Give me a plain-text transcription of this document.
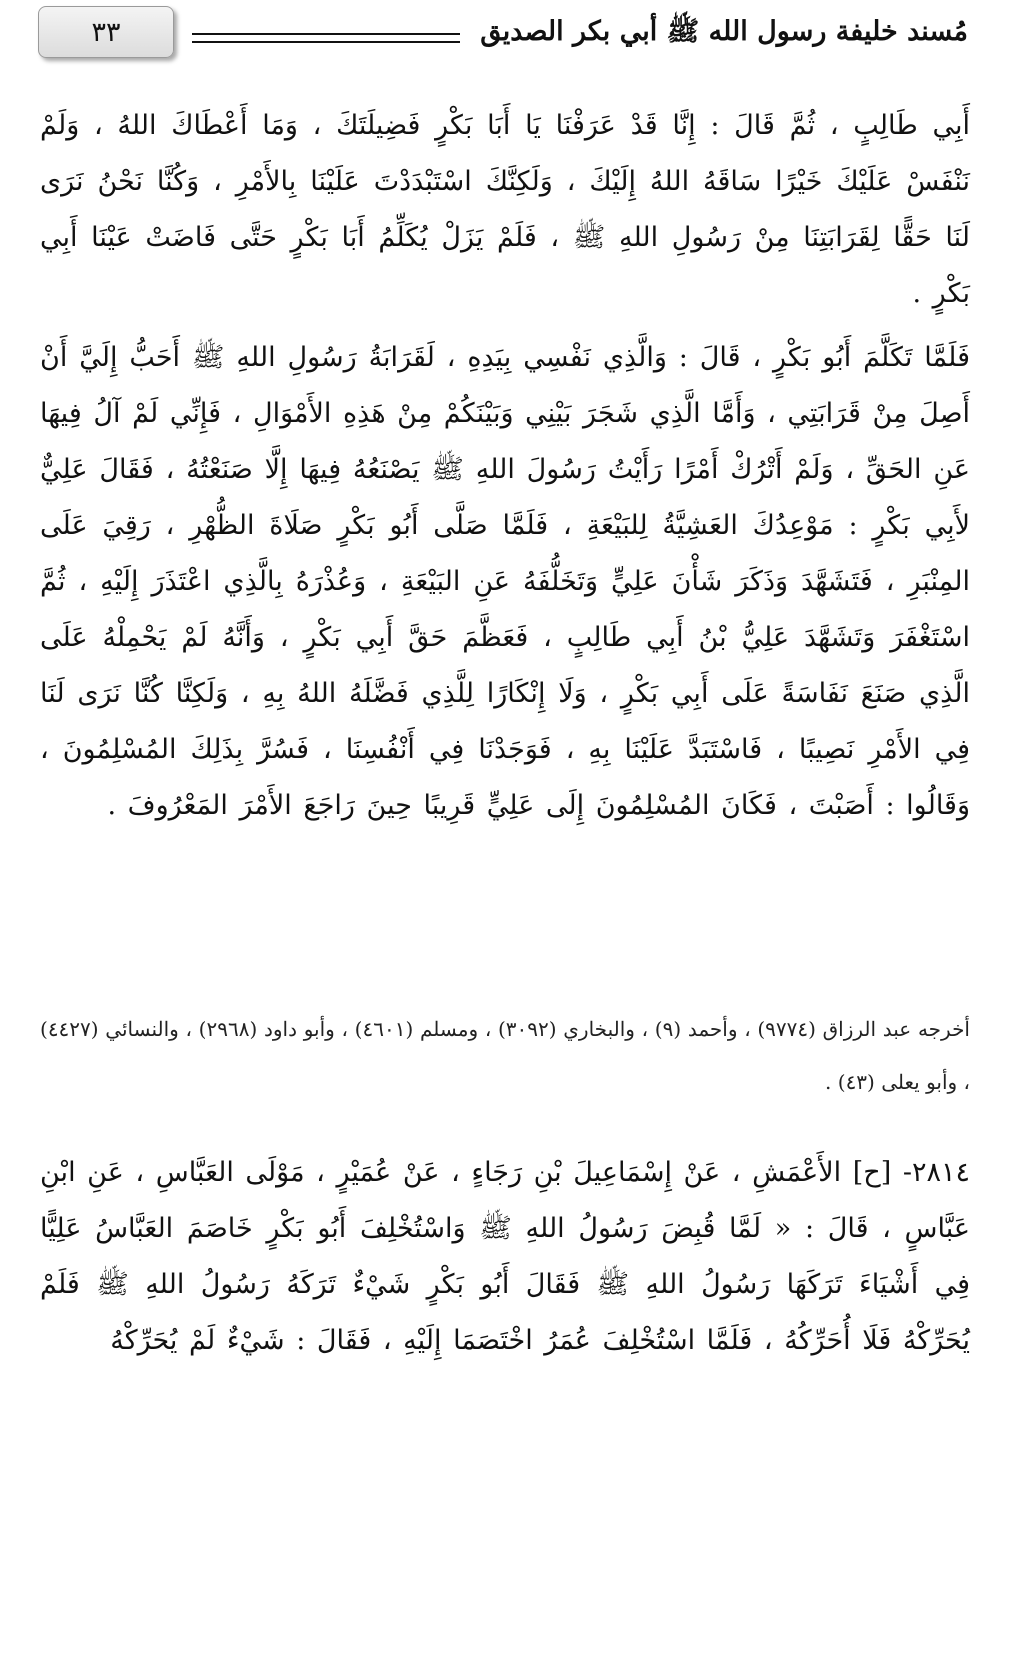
٣٣	مُسند خليفة رسول الله ﷺ أبي بكر الصديق

أَبِي طَالِبٍ ، ثُمَّ قَالَ : إِنَّا قَدْ عَرَفْنَا يَا أَبَا بَكْرٍ فَضِيلَتَكَ ، وَمَا أَعْطَاكَ اللهُ ، وَلَمْ نَنْفَسْ عَلَيْكَ خَيْرًا سَاقَهُ اللهُ إِلَيْكَ ، وَلَكِنَّكَ اسْتَبْدَدْتَ عَلَيْنَا بِالأَمْرِ ، وَكُنَّا نَحْنُ نَرَى لَنَا حَقًّا لِقَرَابَتِنَا مِنْ رَسُولِ اللهِ ﷺ ، فَلَمْ يَزَلْ يُكَلِّمُ أَبَا بَكْرٍ حَتَّى فَاضَتْ عَيْنَا أَبِي بَكْرٍ .

فَلَمَّا تَكَلَّمَ أَبُو بَكْرٍ ، قَالَ : وَالَّذِي نَفْسِي بِيَدِهِ ، لَقَرَابَةُ رَسُولِ اللهِ ﷺ أَحَبُّ إِلَيَّ أَنْ أَصِلَ مِنْ قَرَابَتِي ، وَأَمَّا الَّذِي شَجَرَ بَيْنِي وَبَيْنَكُمْ مِنْ هَذِهِ الأَمْوَالِ ، فَإِنِّي لَمْ آلُ فِيهَا عَنِ الحَقِّ ، وَلَمْ أَتْرُكْ أَمْرًا رَأَيْتُ رَسُولَ اللهِ ﷺ يَصْنَعُهُ فِيهَا إِلَّا صَنَعْتُهُ ، فَقَالَ عَلِيٌّ لأَبِي بَكْرٍ : مَوْعِدُكَ العَشِيَّةُ لِلبَيْعَةِ ، فَلَمَّا صَلَّى أَبُو بَكْرٍ صَلَاةَ الظُّهْرِ ، رَقِيَ عَلَى المِنْبَرِ ، فَتَشَهَّدَ وَذَكَرَ شَأْنَ عَلِيٍّ وَتَخَلُّفَهُ عَنِ البَيْعَةِ ، وَعُذْرَهُ بِالَّذِي اعْتَذَرَ إِلَيْهِ ، ثُمَّ اسْتَغْفَرَ وَتَشَهَّدَ عَلِيُّ بْنُ أَبِي طَالِبٍ ، فَعَظَّمَ حَقَّ أَبِي بَكْرٍ ، وَأَنَّهُ لَمْ يَحْمِلْهُ عَلَى الَّذِي صَنَعَ نَفَاسَةً عَلَى أَبِي بَكْرٍ ، وَلَا إِنْكَارًا لِلَّذِي فَضَّلَهُ اللهُ بِهِ ، وَلَكِنَّا كُنَّا نَرَى لَنَا فِي الأَمْرِ نَصِيبًا ، فَاسْتَبَدَّ عَلَيْنَا بِهِ ، فَوَجَدْنَا فِي أَنْفُسِنَا ، فَسُرَّ بِذَلِكَ المُسْلِمُونَ ، وَقَالُوا : أَصَبْتَ ، فَكَانَ المُسْلِمُونَ إِلَى عَلِيٍّ قَرِيبًا حِينَ رَاجَعَ الأَمْرَ المَعْرُوفَ .

أخرجه عبد الرزاق (٩٧٧٤) ، وأحمد (٩) ، والبخاري (٣٠٩٢) ، ومسلم (٤٦٠١) ، وأبو داود (٢٩٦٨) ، والنسائي (٤٤٢٧) ، وأبو يعلى (٤٣) .

٢٨١٤- [ح] الأَعْمَشِ ، عَنْ إِسْمَاعِيلَ بْنِ رَجَاءٍ ، عَنْ عُمَيْرٍ ، مَوْلَى العَبَّاسِ ، عَنِ ابْنِ عَبَّاسٍ ، قَالَ : « لَمَّا قُبِضَ رَسُولُ اللهِ ﷺ وَاسْتُخْلِفَ أَبُو بَكْرٍ خَاصَمَ العَبَّاسُ عَلِيًّا فِي أَشْيَاءَ تَرَكَهَا رَسُولُ اللهِ ﷺ فَقَالَ أَبُو بَكْرٍ شَيْءٌ تَرَكَهُ رَسُولُ اللهِ ﷺ فَلَمْ يُحَرِّكْهُ فَلَا أُحَرِّكُهُ ، فَلَمَّا اسْتُخْلِفَ عُمَرُ اخْتَصَمَا إِلَيْهِ ، فَقَالَ : شَيْءٌ لَمْ يُحَرِّكْهُ
